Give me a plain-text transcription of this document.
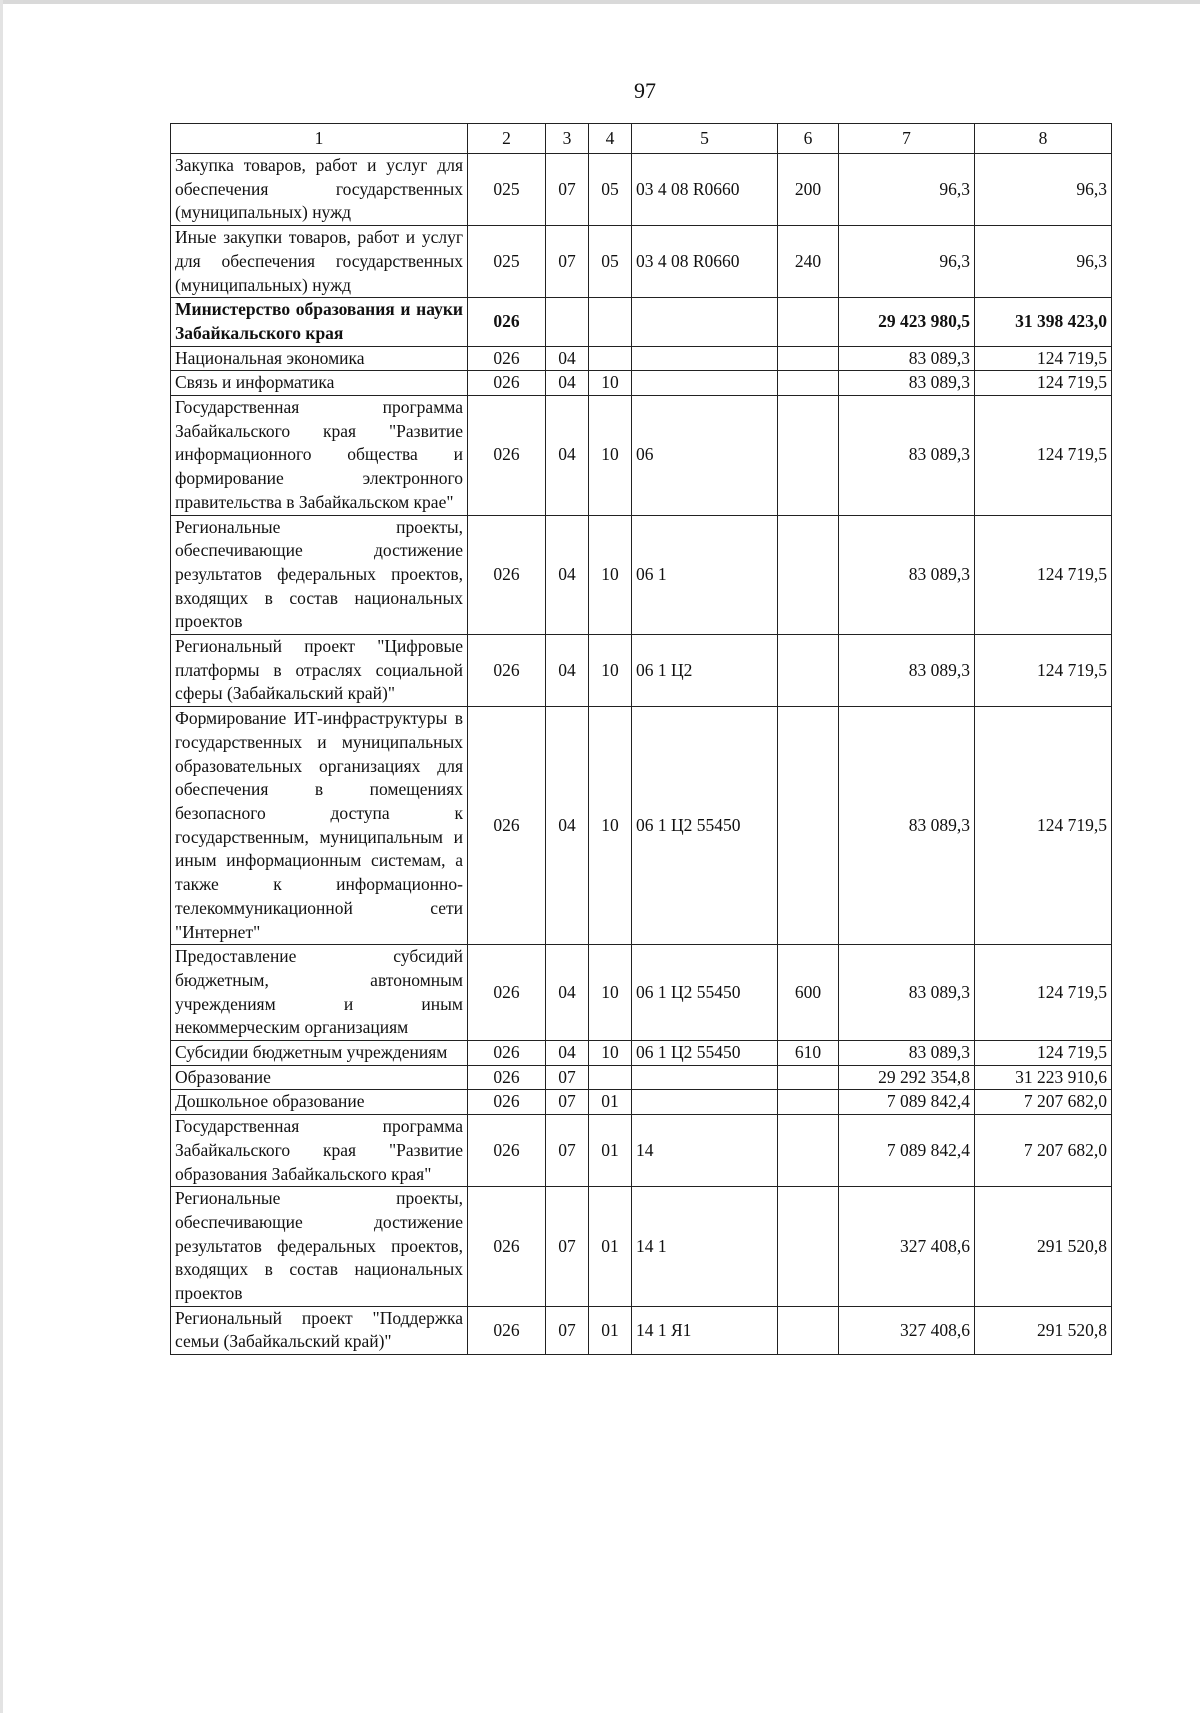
97
1	2	3	4	5	6	7	8
Закупка товаров, работ и услуг для обеспечения государственных (муниципальных) нужд	025	07	05	03 4 08 R0660	200	96,3	96,3
Иные закупки товаров, работ и услуг для обеспечения государственных (муниципальных) нужд	025	07	05	03 4 08 R0660	240	96,3	96,3
Министерство образования и науки Забайкальского края	026					29 423 980,5	31 398 423,0
Национальная экономика	026	04				83 089,3	124 719,5
Связь и информатика	026	04	10			83 089,3	124 719,5
Государственная программа Забайкальского края "Развитие информационного общества и формирование электронного правительства в Забайкальском крае"	026	04	10	06		83 089,3	124 719,5
Региональные проекты, обеспечивающие достижение результатов федеральных проектов, входящих в состав национальных проектов	026	04	10	06 1		83 089,3	124 719,5
Региональный проект "Цифровые платформы в отраслях социальной сферы (Забайкальский край)"	026	04	10	06 1 Ц2		83 089,3	124 719,5
Формирование ИТ-инфраструктуры в государственных и муниципальных образовательных организациях для обеспечения в помещениях безопасного доступа к государственным, муниципальным и иным информационным системам, а также к информационно-телекоммуникационной сети "Интернет"	026	04	10	06 1 Ц2 55450		83 089,3	124 719,5
Предоставление субсидий бюджетным, автономным учреждениям и иным некоммерческим организациям	026	04	10	06 1 Ц2 55450	600	83 089,3	124 719,5
Субсидии бюджетным учреждениям	026	04	10	06 1 Ц2 55450	610	83 089,3	124 719,5
Образование	026	07				29 292 354,8	31 223 910,6
Дошкольное образование	026	07	01			7 089 842,4	7 207 682,0
Государственная программа Забайкальского края "Развитие образования Забайкальского края"	026	07	01	14		7 089 842,4	7 207 682,0
Региональные проекты, обеспечивающие достижение результатов федеральных проектов, входящих в состав национальных проектов	026	07	01	14 1		327 408,6	291 520,8
Региональный проект "Поддержка семьи (Забайкальский край)"	026	07	01	14 1 Я1		327 408,6	291 520,8
